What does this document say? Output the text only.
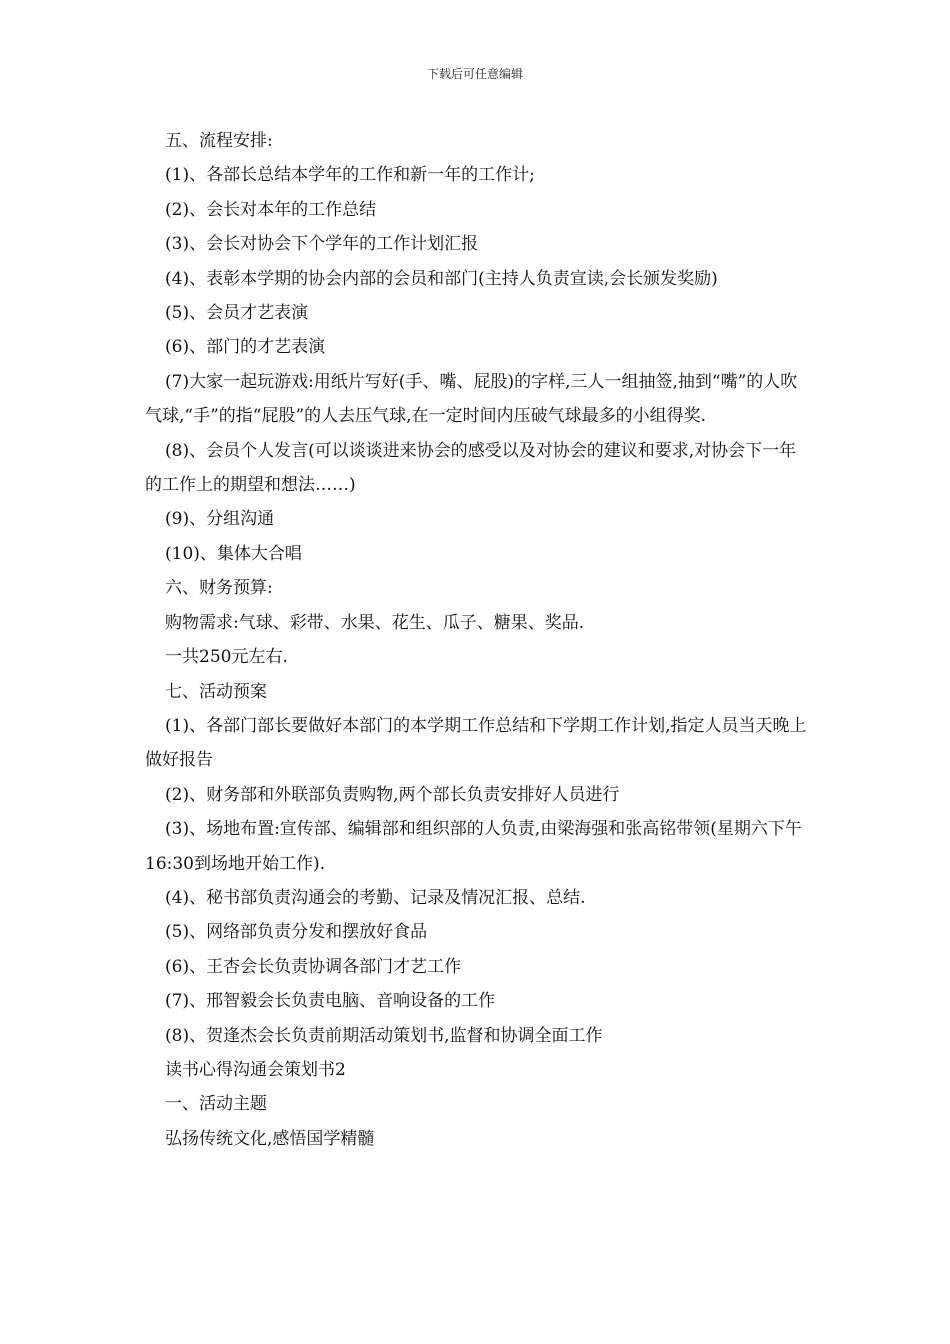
下载后可任意编辑

五、流程安排:

(1)、各部长总结本学年的工作和新一年的工作计;

(2)、会长对本年的工作总结

(3)、会长对协会下个学年的工作计划汇报

(4)、表彰本学期的协会内部的会员和部门(主持人负责宣读,会长颁发奖励)

(5)、会员才艺表演

(6)、部门的才艺表演

(7)大家一起玩游戏:用纸片写好(手、嘴、屁股)的字样,三人一组抽签,抽到“嘴”的人吹气球,“手”的指“屁股”的人去压气球,在一定时间内压破气球最多的小组得奖.

(8)、会员个人发言(可以谈谈进来协会的感受以及对协会的建议和要求,对协会下一年的工作上的期望和想法……)

(9)、分组沟通

(10)、集体大合唱

六、财务预算:

购物需求:气球、彩带、水果、花生、瓜子、糖果、奖品.

一共250元左右.

七、活动预案

(1)、各部门部长要做好本部门的本学期工作总结和下学期工作计划,指定人员当天晚上做好报告

(2)、财务部和外联部负责购物,两个部长负责安排好人员进行

(3)、场地布置:宣传部、编辑部和组织部的人负责,由梁海强和张高铭带领(星期六下午16:30到场地开始工作).

(4)、秘书部负责沟通会的考勤、记录及情况汇报、总结.

(5)、网络部负责分发和摆放好食品

(6)、王杏会长负责协调各部门才艺工作

(7)、邢智毅会长负责电脑、音响设备的工作

(8)、贺逢杰会长负责前期活动策划书,监督和协调全面工作

读书心得沟通会策划书2

一、活动主题

弘扬传统文化,感悟国学精髓
